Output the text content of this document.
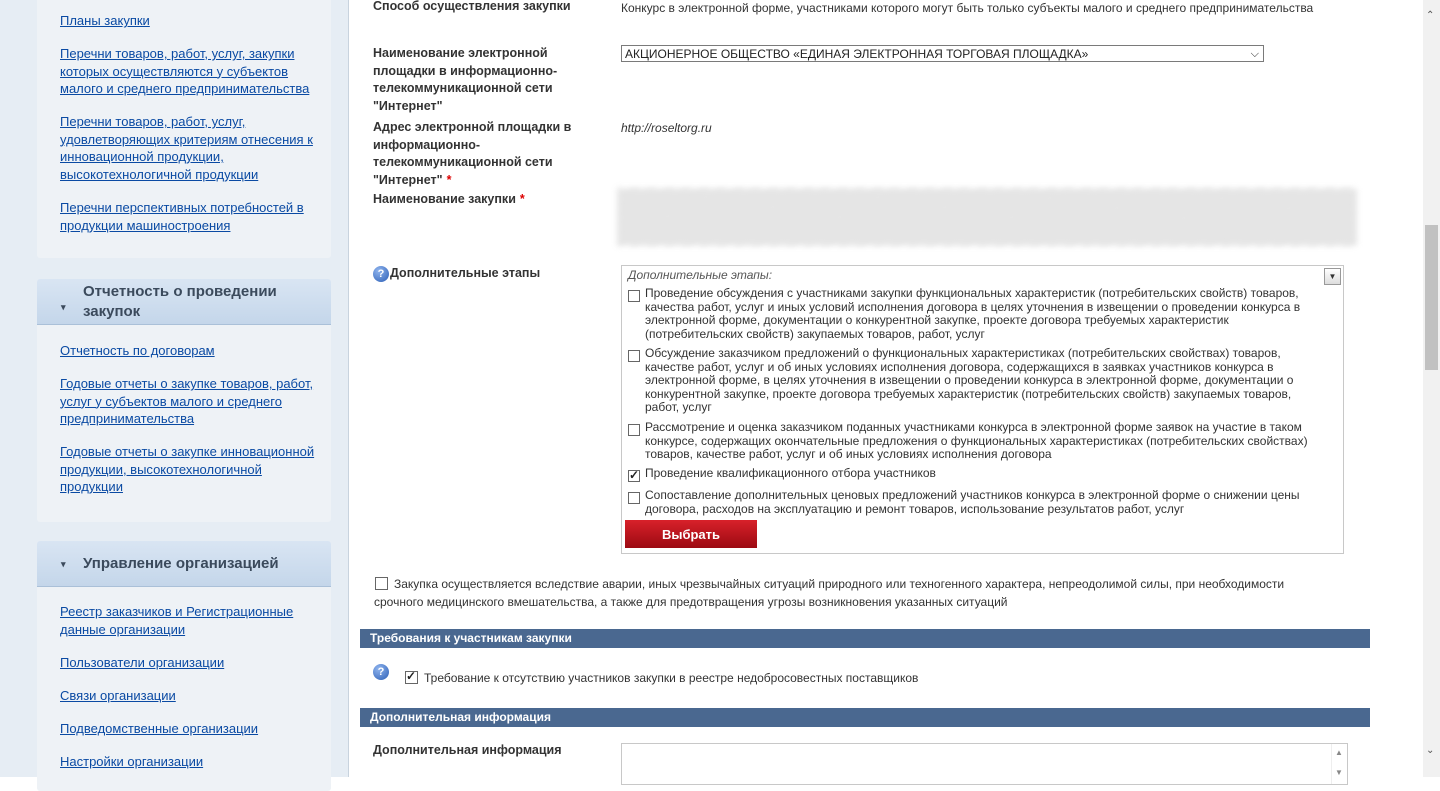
Планы закупки
Перечни товаров, работ, услуг, закупки которых осуществляются у субъектов малого и среднего предпринимательства
Перечни товаров, работ, услуг, удовлетворяющих критериям отнесения к инновационной продукции, высокотехнологичной продукции
Перечни перспективных потребностей в продукции машиностроения
▾
Отчетность о проведении закупок
Отчетность по договорам
Годовые отчеты о закупке товаров, работ, услуг у субъектов малого и среднего предпринимательства
Годовые отчеты о закупке инновационной продукции, высокотехнологичной продукции
▾ Управление организацией
Реестр заказчиков и Регистрационные данные организации
Пользователи организации
Связи организации
Подведомственные организации
Настройки организации
Способ осуществления закупки	Конкурс в электронной форме, участниками которого могут быть только субъекты малого и среднего предпринимательства
Наименование электронной площадки в информационно-телекоммуникационной сети "Интернет"
АКЦИОНЕРНОЕ ОБЩЕСТВО «ЕДИНАЯ ЭЛЕКТРОННАЯ ТОРГОВАЯ ПЛОЩАДКА»	⌵
Адрес электронной площадки в информационно-телекоммуникационной сети "Интернет" *
http://roseltorg.ru
Наименование закупки *
? Дополнительные этапы	Дополнительные этапы:	▼
Проведение обсуждения с участниками закупки функциональных характеристик (потребительских свойств) товаров, качества работ, услуг и иных условий исполнения договора в целях уточнения в извещении о проведении конкурса в электронной форме, документации о конкурентной закупке, проекте договора требуемых характеристик (потребительских свойств) закупаемых товаров, работ, услуг
Обсуждение заказчиком предложений о функциональных характеристиках (потребительских свойствах) товаров, качестве работ, услуг и об иных условиях исполнения договора, содержащихся в заявках участников конкурса в электронной форме, в целях уточнения в извещении о проведении конкурса в электронной форме, документации о конкурентной закупке, проекте договора требуемых характеристик (потребительских свойств) закупаемых товаров, работ, услуг
Рассмотрение и оценка заказчиком поданных участниками конкурса в электронной форме заявок на участие в таком конкурсе, содержащих окончательные предложения о функциональных характеристиках (потребительских свойствах) товаров, качестве работ, услуг и об иных условиях исполнения договора
✓
Проведение квалификационного отбора участников
Сопоставление дополнительных ценовых предложений участников конкурса в электронной форме о снижении цены договора, расходов на эксплуатацию и ремонт товаров, использование результатов работ, услуг
Выбрать
Закупка осуществляется вследствие аварии, иных чрезвычайных ситуаций природного или техногенного характера, непреодолимой силы, при необходимости срочного медицинского вмешательства, а также для предотвращения угрозы возникновения указанных ситуаций
Требования к участникам закупки
?
✓	Требование к отсутствию участников закупки в реестре недобросовестных поставщиков
Дополнительная информация
Дополнительная информация	▲
▼
⌃
⌄
